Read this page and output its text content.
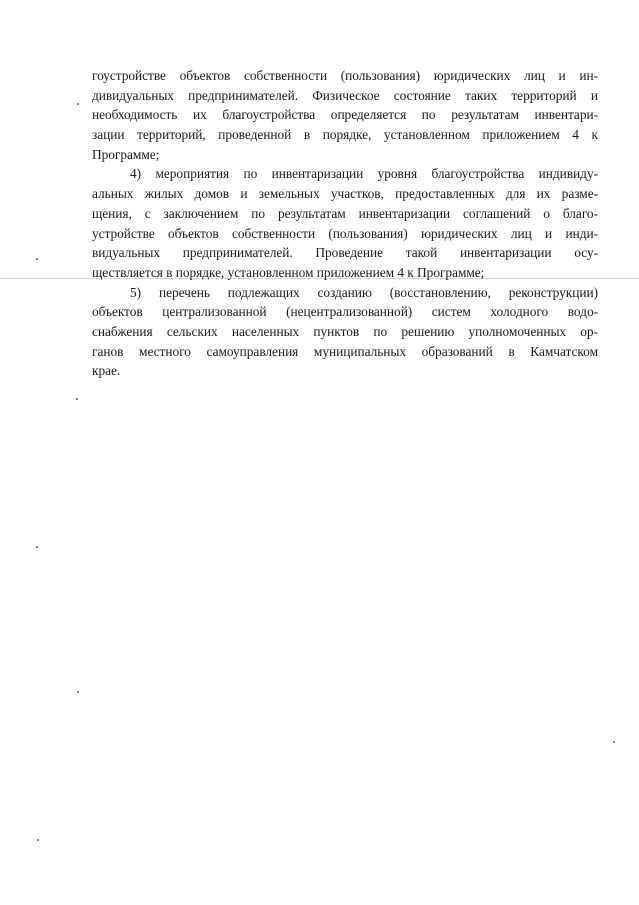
гоустройстве объектов собственности (пользования) юридических лиц и ин-
дивидуальных предпринимателей. Физическое состояние таких территорий и
необходимость их благоустройства определяется по результатам инвентари-
зации территорий, проведенной в порядке, установленном приложением 4 к
Программе;
4) мероприятия по инвентаризации уровня благоустройства индивиду-
альных жилых домов и земельных участков, предоставленных для их разме-
щения, с заключением по результатам инвентаризации соглашений о благо-
устройстве объектов собственности (пользования) юридических лиц и инди-
видуальных предпринимателей. Проведение такой инвентаризации осу-
ществляется в порядке, установленном приложением 4 к Программе;
5) перечень подлежащих созданию (восстановлению, реконструкции)
объектов централизованной (нецентрализованной) систем холодного водо-
снабжения сельских населенных пунктов по решению уполномоченных ор-
ганов местного самоуправления муниципальных образований в Камчатском
крае.
